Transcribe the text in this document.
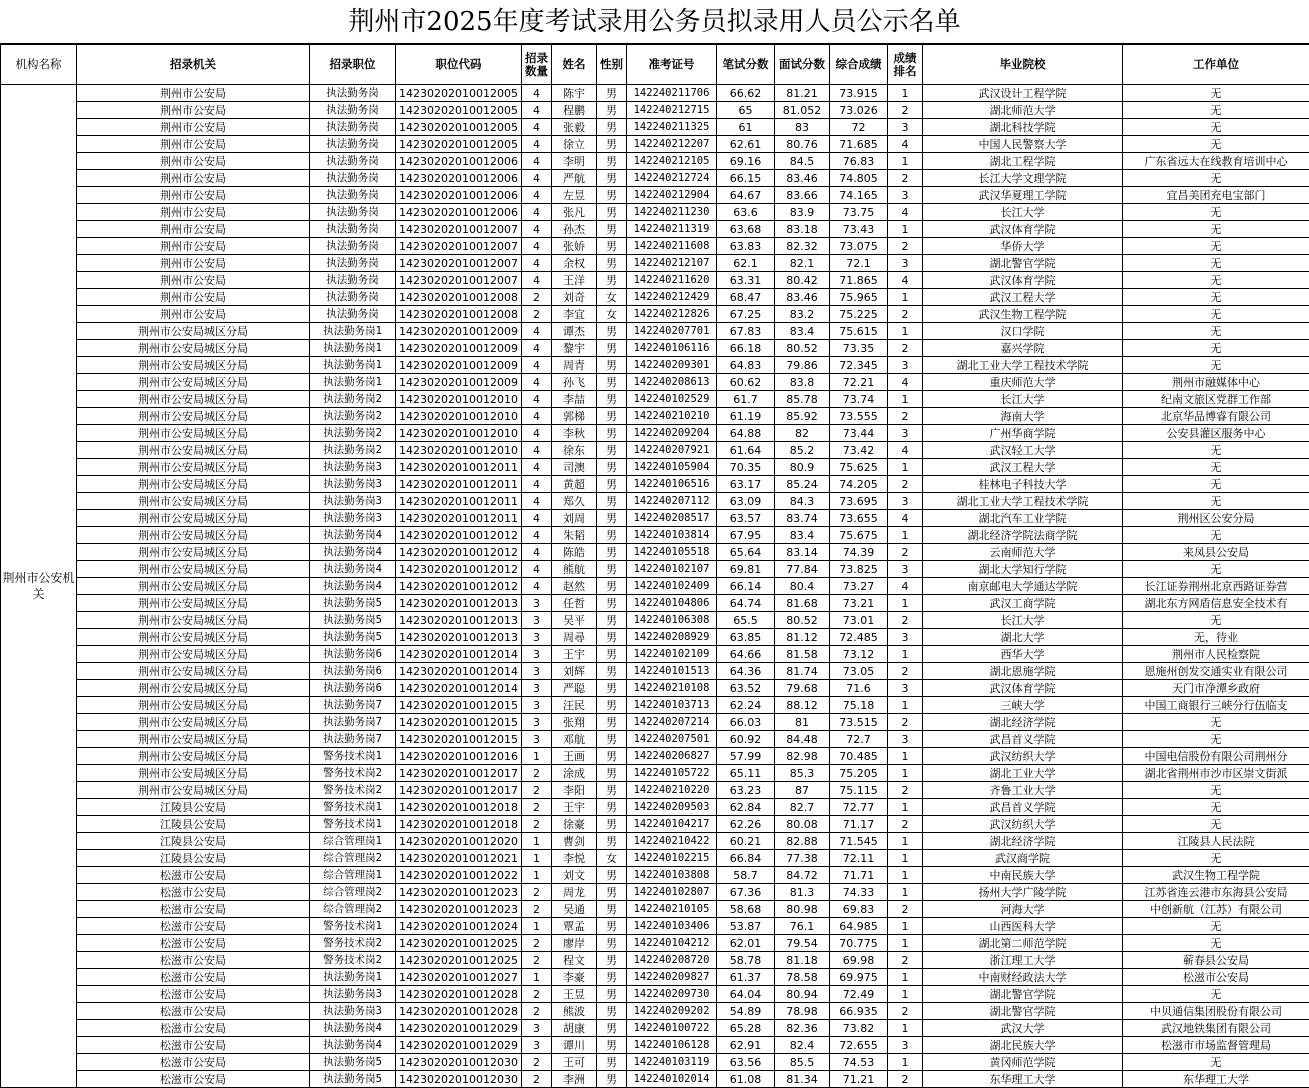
荆州市2025年度考试录用公务员拟录用人员公示名单
机构名称	招录机关	招录职位	职位代码	招录数量	姓名	性别	准考证号	笔试分数	面试分数	综合成绩	成绩排名	毕业院校	工作单位
荆州市公安机关	荆州市公安局	执法勤务岗	14230202010012005	4	陈宇	男	142240211706	66.62	81.21	73.915	1	武汉设计工程学院	无
	荆州市公安局	执法勤务岗	14230202010012005	4	程鹏	男	142240212715	65	81.052	73.026	2	湖北师范大学	无
	荆州市公安局	执法勤务岗	14230202010012005	4	张毅	男	142240211325	61	83	72	3	湖北科技学院	无
	荆州市公安局	执法勤务岗	14230202010012005	4	徐立	男	142240212207	62.61	80.76	71.685	4	中国人民警察大学	无
	荆州市公安局	执法勤务岗	14230202010012006	4	李明	男	142240212105	69.16	84.5	76.83	1	湖北工程学院	广东省远大在线教育培训中心
	荆州市公安局	执法勤务岗	14230202010012006	4	严航	男	142240212724	66.15	83.46	74.805	2	长江大学文理学院	无
	荆州市公安局	执法勤务岗	14230202010012006	4	左昱	男	142240212904	64.67	83.66	74.165	3	武汉华夏理工学院	宜昌美团充电宝部门
	荆州市公安局	执法勤务岗	14230202010012006	4	张凡	男	142240211230	63.6	83.9	73.75	4	长江大学	无
	荆州市公安局	执法勤务岗	14230202010012007	4	孙杰	男	142240211319	63.68	83.18	73.43	1	武汉体育学院	无
	荆州市公安局	执法勤务岗	14230202010012007	4	张娇	男	142240211608	63.83	82.32	73.075	2	华侨大学	无
	荆州市公安局	执法勤务岗	14230202010012007	4	余权	男	142240212107	62.1	82.1	72.1	3	湖北警官学院	无
	荆州市公安局	执法勤务岗	14230202010012007	4	王洋	男	142240211620	63.31	80.42	71.865	4	武汉体育学院	无
	荆州市公安局	执法勤务岗	14230202010012008	2	刘奇	女	142240212429	68.47	83.46	75.965	1	武汉工程大学	无
	荆州市公安局	执法勤务岗	14230202010012008	2	李宜	女	142240212826	67.25	83.2	75.225	2	武汉生物工程学院	无
	荆州市公安局城区分局	执法勤务岗1	14230202010012009	4	谭杰	男	142240207701	67.83	83.4	75.615	1	汉口学院	无
	荆州市公安局城区分局	执法勤务岗1	14230202010012009	4	黎宇	男	142240106116	66.18	80.52	73.35	2	嘉兴学院	无
	荆州市公安局城区分局	执法勤务岗1	14230202010012009	4	周青	男	142240209301	64.83	79.86	72.345	3	湖北工业大学工程技术学院	无
	荆州市公安局城区分局	执法勤务岗1	14230202010012009	4	孙飞	男	142240208613	60.62	83.8	72.21	4	重庆师范大学	荆州市融媒体中心
	荆州市公安局城区分局	执法勤务岗2	14230202010012010	4	李喆	男	142240102529	61.7	85.78	73.74	1	长江大学	纪南文旅区党群工作部
	荆州市公安局城区分局	执法勤务岗2	14230202010012010	4	郭梯	男	142240210210	61.19	85.92	73.555	2	海南大学	北京华品博睿有限公司
	荆州市公安局城区分局	执法勤务岗2	14230202010012010	4	李秋	男	142240209204	64.88	82	73.44	3	广州华商学院	公安县灌区服务中心
	荆州市公安局城区分局	执法勤务岗2	14230202010012010	4	徐东	男	142240207921	61.64	85.2	73.42	4	武汉轻工大学	无
	荆州市公安局城区分局	执法勤务岗3	14230202010012011	4	司澳	男	142240105904	70.35	80.9	75.625	1	武汉工程大学	无
	荆州市公安局城区分局	执法勤务岗3	14230202010012011	4	黄超	男	142240106516	63.17	85.24	74.205	2	桂林电子科技大学	无
	荆州市公安局城区分局	执法勤务岗3	14230202010012011	4	郑久	男	142240207112	63.09	84.3	73.695	3	湖北工业大学工程技术学院	无
	荆州市公安局城区分局	执法勤务岗3	14230202010012011	4	刘周	男	142240208517	63.57	83.74	73.655	4	湖北汽车工业学院	荆州区公安分局
	荆州市公安局城区分局	执法勤务岗4	14230202010012012	4	朱韬	男	142240103814	67.95	83.4	75.675	1	湖北经济学院法商学院	无
	荆州市公安局城区分局	执法勤务岗4	14230202010012012	4	陈皓	男	142240105518	65.64	83.14	74.39	2	云南师范大学	来凤县公安局
	荆州市公安局城区分局	执法勤务岗4	14230202010012012	4	熊航	男	142240102107	69.81	77.84	73.825	3	湖北大学知行学院	无
	荆州市公安局城区分局	执法勤务岗4	14230202010012012	4	赵然	男	142240102409	66.14	80.4	73.27	4	南京邮电大学通达学院	长江证券荆州北京西路证券营
	荆州市公安局城区分局	执法勤务岗5	14230202010012013	3	任哲	男	142240104806	64.74	81.68	73.21	1	武汉工商学院	湖北东方网盾信息安全技术有
	荆州市公安局城区分局	执法勤务岗5	14230202010012013	3	吴平	男	142240106308	65.5	80.52	73.01	2	长江大学	无
	荆州市公安局城区分局	执法勤务岗5	14230202010012013	3	周尋	男	142240208929	63.85	81.12	72.485	3	湖北大学	无，待业
	荆州市公安局城区分局	执法勤务岗6	14230202010012014	3	王宇	男	142240102109	64.66	81.58	73.12	1	西华大学	荆州市人民检察院
	荆州市公安局城区分局	执法勤务岗6	14230202010012014	3	刘辉	男	142240101513	64.36	81.74	73.05	2	湖北恩施学院	恩施州创发交通实业有限公司
	荆州市公安局城区分局	执法勤务岗6	14230202010012014	3	严聪	男	142240210108	63.52	79.68	71.6	3	武汉体育学院	天门市净潭乡政府
	荆州市公安局城区分局	执法勤务岗7	14230202010012015	3	汪民	男	142240103713	62.24	88.12	75.18	1	三峡大学	中国工商银行三峡分行伍临支
	荆州市公安局城区分局	执法勤务岗7	14230202010012015	3	张翔	男	142240207214	66.03	81	73.515	2	湖北经济学院	无
	荆州市公安局城区分局	执法勤务岗7	14230202010012015	3	邓航	男	142240207501	60.92	84.48	72.7	3	武昌首义学院	无
	荆州市公安局城区分局	警务技术岗1	14230202010012016	1	王画	男	142240206827	57.99	82.98	70.485	1	武汉纺织大学	中国电信股份有限公司荆州分
	荆州市公安局城区分局	警务技术岗2	14230202010012017	2	涂成	男	142240105722	65.11	85.3	75.205	1	湖北工业大学	湖北省荆州市沙市区崇文街派
	荆州市公安局城区分局	警务技术岗2	14230202010012017	2	李阳	男	142240210220	63.23	87	75.115	2	齐鲁工业大学	无
	江陵县公安局	警务技术岗1	14230202010012018	2	王宇	男	142240209503	62.84	82.7	72.77	1	武昌首义学院	无
	江陵县公安局	警务技术岗1	14230202010012018	2	徐豪	男	142240104217	62.26	80.08	71.17	2	武汉纺织大学	无
	江陵县公安局	综合管理岗1	14230202010012020	1	曹剑	男	142240210422	60.21	82.88	71.545	1	湖北经济学院	江陵县人民法院
	江陵县公安局	综合管理岗2	14230202010012021	1	李悦	女	142240102215	66.84	77.38	72.11	1	武汉商学院	无
	松滋市公安局	综合管理岗1	14230202010012022	1	刘文	男	142240103808	58.7	84.72	71.71	1	中南民族大学	武汉生物工程学院
	松滋市公安局	综合管理岗2	14230202010012023	2	周龙	男	142240102807	67.36	81.3	74.33	1	扬州大学广陵学院	江苏省连云港市东海县公安局
	松滋市公安局	综合管理岗2	14230202010012023	2	吴通	男	142240210105	58.68	80.98	69.83	2	河海大学	中创新航（江苏）有限公司
	松滋市公安局	警务技术岗1	14230202010012024	1	覃孟	男	142240103406	53.87	76.1	64.985	1	山西医科大学	无
	松滋市公安局	警务技术岗2	14230202010012025	2	廖岸	男	142240104212	62.01	79.54	70.775	1	湖北第二师范学院	无
	松滋市公安局	警务技术岗2	14230202010012025	2	程文	男	142240208720	58.78	81.18	69.98	2	浙江理工大学	蕲春县公安局
	松滋市公安局	执法勤务岗1	14230202010012027	1	李豪	男	142240209827	61.37	78.58	69.975	1	中南财经政法大学	松滋市公安局
	松滋市公安局	执法勤务岗3	14230202010012028	2	王昱	男	142240209730	64.04	80.94	72.49	1	湖北警官学院	无
	松滋市公安局	执法勤务岗3	14230202010012028	2	熊波	男	142240209202	54.89	78.98	66.935	2	湖北警官学院	中贝通信集团股份有限公司
	松滋市公安局	执法勤务岗4	14230202010012029	3	胡康	男	142240100722	65.28	82.36	73.82	1	武汉大学	武汉地铁集团有限公司
	松滋市公安局	执法勤务岗4	14230202010012029	3	谭川	男	142240106128	62.91	82.4	72.655	3	湖北民族大学	松滋市市场监督管理局
	松滋市公安局	执法勤务岗5	14230202010012030	2	王可	男	142240103119	63.56	85.5	74.53	1	黄冈师范学院	无
	松滋市公安局	执法勤务岗5	14230202010012030	2	李洲	男	142240102014	61.08	81.34	71.21	2	东华理工大学	东华理工大学
